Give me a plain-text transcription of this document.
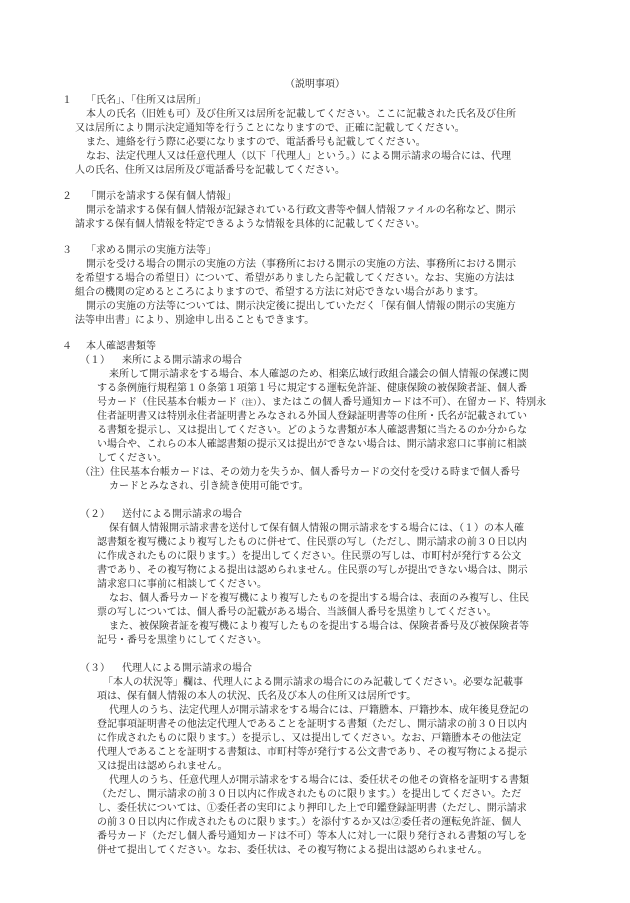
（説明事項）
１ 「氏名」、「住所又は居所」
本人の氏名（旧姓も可）及び住所又は居所を記載してください。ここに記載された氏名及び住所
又は居所により開示決定通知等を行うことになりますので、正確に記載してください。
また、連絡を行う際に必要になりますので、電話番号も記載してください。
なお、法定代理人又は任意代理人（以下「代理人」という。）による開示請求の場合には、代理
人の氏名、住所又は居所及び電話番号を記載してください。
２ 「開示を請求する保有個人情報」
開示を請求する保有個人情報が記録されている行政文書等や個人情報ファイルの名称など、開示
請求する保有個人情報を特定できるような情報を具体的に記載してください。
３ 「求める開示の実施方法等」
開示を受ける場合の開示の実施の方法（事務所における開示の実施の方法、事務所における開示
を希望する場合の希望日）について、希望がありましたら記載してください。なお、実施の方法は
組合の機関の定めるところによりますので、希望する方法に対応できない場合があります。
開示の実施の方法等については、開示決定後に提出していただく「保有個人情報の開示の実施方
法等申出書」により、別途申し出ることもできます。
４ 本人確認書類等
（１） 来所による開示請求の場合
来所して開示請求をする場合、本人確認のため、相楽広域行政組合議会の個人情報の保護に関
する条例施行規程第１０条第１項第１号に規定する運転免許証、健康保険の被保険者証、個人番
号カード（住民基本台帳カード（注））、またはこの個人番号通知カードは不可）、在留カード、特別永
住者証明書又は特別永住者証明書とみなされる外国人登録証明書等の住所・氏名が記載されてい
る書類を提示し、又は提出してください。どのような書類が本人確認書類に当たるのか分からな
い場合や、これらの本人確認書類の提示又は提出ができない場合は、開示請求窓口に事前に相談
してください。
（注）住民基本台帳カードは、その効力を失うか、個人番号カードの交付を受ける時まで個人番号
カードとみなされ、引き続き使用可能です。
（２） 送付による開示請求の場合
保有個人情報開示請求書を送付して保有個人情報の開示請求をする場合には、（１）の本人確
認書類を複写機により複写したものに併せて、住民票の写し（ただし、開示請求の前３０日以内
に作成されたものに限ります。）を提出してください。住民票の写しは、市町村が発行する公文
書であり、その複写物による提出は認められません。住民票の写しが提出できない場合は、開示
請求窓口に事前に相談してください。
なお、個人番号カードを複写機により複写したものを提出する場合は、表面のみ複写し、住民
票の写しについては、個人番号の記載がある場合、当該個人番号を黒塗りしてください。
また、被保険者証を複写機により複写したものを提出する場合は、保険者番号及び被保険者等
記号・番号を黒塗りにしてください。
（３） 代理人による開示請求の場合
「本人の状況等」欄は、代理人による開示請求の場合にのみ記載してください。必要な記載事
項は、保有個人情報の本人の状況、氏名及び本人の住所又は居所です。
代理人のうち、法定代理人が開示請求をする場合には、戸籍謄本、戸籍抄本、成年後見登記の
登記事項証明書その他法定代理人であることを証明する書類（ただし、開示請求の前３０日以内
に作成されたものに限ります。）を提示し、又は提出してください。なお、戸籍謄本その他法定
代理人であることを証明する書類は、市町村等が発行する公文書であり、その複写物による提示
又は提出は認められません。
代理人のうち、任意代理人が開示請求をする場合には、委任状その他その資格を証明する書類
（ただし、開示請求の前３０日以内に作成されたものに限ります。）を提出してください。ただ
し、委任状については、①委任者の実印により押印した上で印鑑登録証明書（ただし、開示請求
の前３０日以内に作成されたものに限ります。）を添付するか又は②委任者の運転免許証、個人
番号カード（ただし個人番号通知カードは不可）等本人に対し一に限り発行される書類の写しを
併せて提出してください。なお、委任状は、その複写物による提出は認められません。
